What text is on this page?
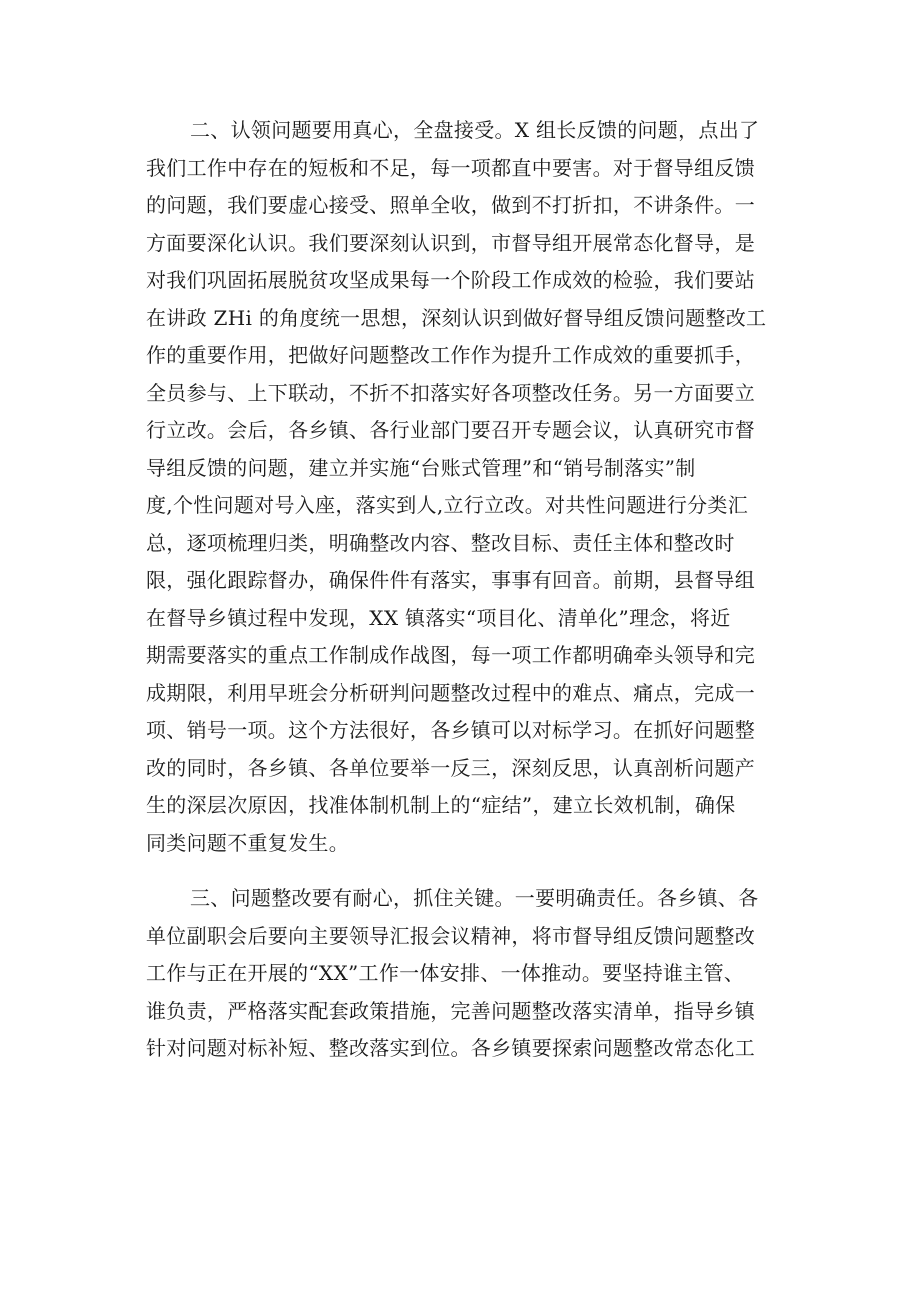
二、认领问题要用真心，全盘接受。X 组长反馈的问题，点出了
我们工作中存在的短板和不足，每一项都直中要害。对于督导组反馈
的问题，我们要虚心接受、照单全收，做到不打折扣，不讲条件。一
方面要深化认识。我们要深刻认识到，市督导组开展常态化督导，是
对我们巩固拓展脱贫攻坚成果每一个阶段工作成效的检验，我们要站
在讲政 ZHi 的角度统一思想，深刻认识到做好督导组反馈问题整改工
作的重要作用，把做好问题整改工作作为提升工作成效的重要抓手，
全员参与、上下联动，不折不扣落实好各项整改任务。另一方面要立
行立改。会后，各乡镇、各行业部门要召开专题会议，认真研究市督
导组反馈的问题，建立并实施“台账式管理”和“销号制落实”制
度,个性问题对号入座，落实到人,立行立改。对共性问题进行分类汇
总，逐项梳理归类，明确整改内容、整改目标、责任主体和整改时
限，强化跟踪督办，确保件件有落实，事事有回音。前期，县督导组
在督导乡镇过程中发现，XX 镇落实“项目化、清单化”理念，将近
期需要落实的重点工作制成作战图，每一项工作都明确牵头领导和完
成期限，利用早班会分析研判问题整改过程中的难点、痛点，完成一
项、销号一项。这个方法很好，各乡镇可以对标学习。在抓好问题整
改的同时，各乡镇、各单位要举一反三，深刻反思，认真剖析问题产
生的深层次原因，找准体制机制上的“症结”，建立长效机制，确保
同类问题不重复发生。
三、问题整改要有耐心，抓住关键。一要明确责任。各乡镇、各
单位副职会后要向主要领导汇报会议精神，将市督导组反馈问题整改
工作与正在开展的“XX”工作一体安排、一体推动。要坚持谁主管、
谁负责，严格落实配套政策措施，完善问题整改落实清单，指导乡镇
针对问题对标补短、整改落实到位。各乡镇要探索问题整改常态化工
